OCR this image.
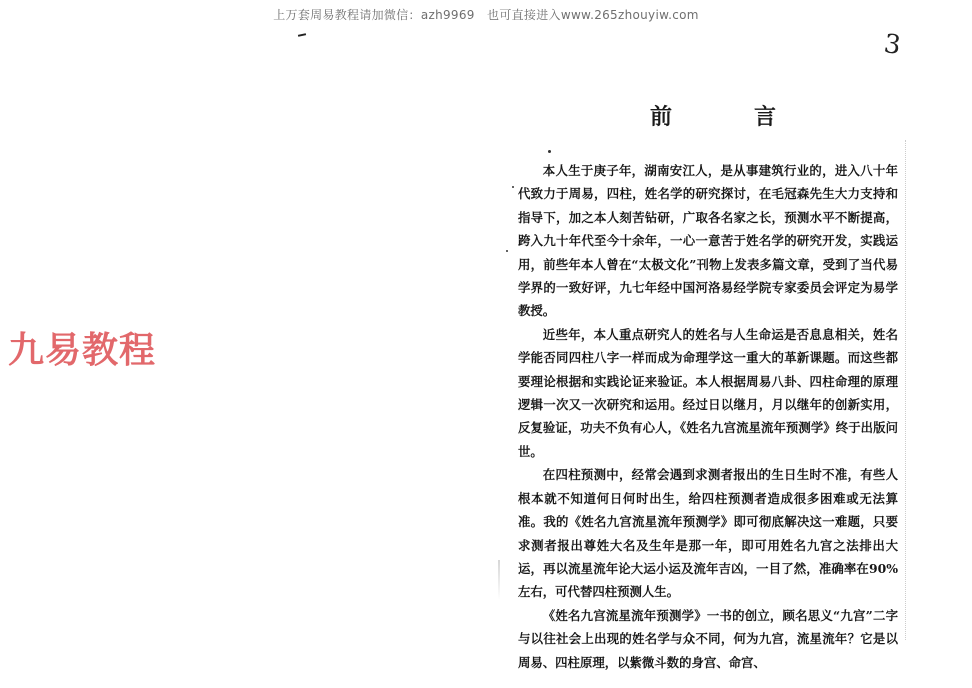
上万套周易教程请加微信：azh9969　也可直接进入www.265zhouyiw.com
3
九易教程
前　言

本人生于庚子年，湖南安江人，是从事建筑行业的，进入八十年代致力于周易，四柱，姓名学的研究探讨，在毛冠森先生大力支持和指导下，加之本人刻苦钻研，广取各名家之长，预测水平不断提高，跨入九十年代至今十余年，一心一意苦于姓名学的研究开发，实践运用，前些年本人曾在“太极文化”刊物上发表多篇文章，受到了当代易学界的一致好评，九七年经中国河洛易经学院专家委员会评定为易学教授。

近些年，本人重点研究人的姓名与人生命运是否息息相关，姓名学能否同四柱八字一样而成为命理学这一重大的革新课题。而这些都要理论根据和实践论证来验证。本人根据周易八卦、四柱命理的原理逻辑一次又一次研究和运用。经过日以继月，月以继年的创新实用，反复验证，功夫不负有心人，《姓名九宫流星流年预测学》终于出版问世。

在四柱预测中，经常会遇到求测者报出的生日生时不准，有些人根本就不知道何日何时出生，给四柱预测者造成很多困难或无法算准。我的《姓名九宫流星流年预测学》即可彻底解决这一难题，只要求测者报出尊姓大名及生年是那一年，即可用姓名九宫之法排出大运，再以流星流年论大运小运及流年吉凶，一目了然，准确率在90%左右，可代替四柱预测人生。

《姓名九宫流星流年预测学》一书的创立，顾名思义“九宫”二字与以往社会上出现的姓名学与众不同，何为九宫，流星流年？它是以周易、四柱原理，以紫微斗数的身宫、命宫、
